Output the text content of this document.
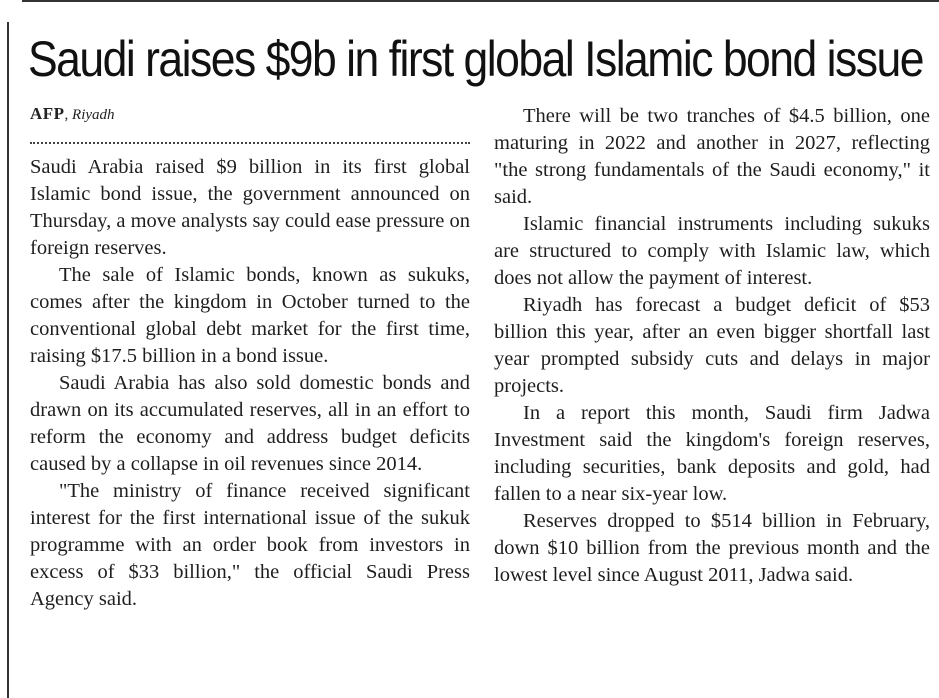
Saudi raises $9b in first global Islamic bond issue
AFP, Riyadh

Saudi Arabia raised $9 billion in its first global Islamic bond issue, the government announced on Thursday, a move analysts say could ease pressure on foreign reserves.

The sale of Islamic bonds, known as sukuks, comes after the kingdom in October turned to the conventional global debt market for the first time, raising $17.5 billion in a bond issue.

Saudi Arabia has also sold domestic bonds and drawn on its accumulated reserves, all in an effort to reform the economy and address budget deficits caused by a collapse in oil revenues since 2014.

"The ministry of finance received significant interest for the first international issue of the sukuk programme with an order book from investors in excess of $33 billion," the official Saudi Press Agency said.

There will be two tranches of $4.5 billion, one maturing in 2022 and another in 2027, reflecting "the strong fundamentals of the Saudi economy," it said.

Islamic financial instruments including sukuks are structured to comply with Islamic law, which does not allow the payment of interest.

Riyadh has forecast a budget deficit of $53 billion this year, after an even bigger shortfall last year prompted subsidy cuts and delays in major projects.

In a report this month, Saudi firm Jadwa Investment said the kingdom's foreign reserves, including securities, bank deposits and gold, had fallen to a near six-year low.

Reserves dropped to $514 billion in February, down $10 billion from the previous month and the lowest level since August 2011, Jadwa said.
